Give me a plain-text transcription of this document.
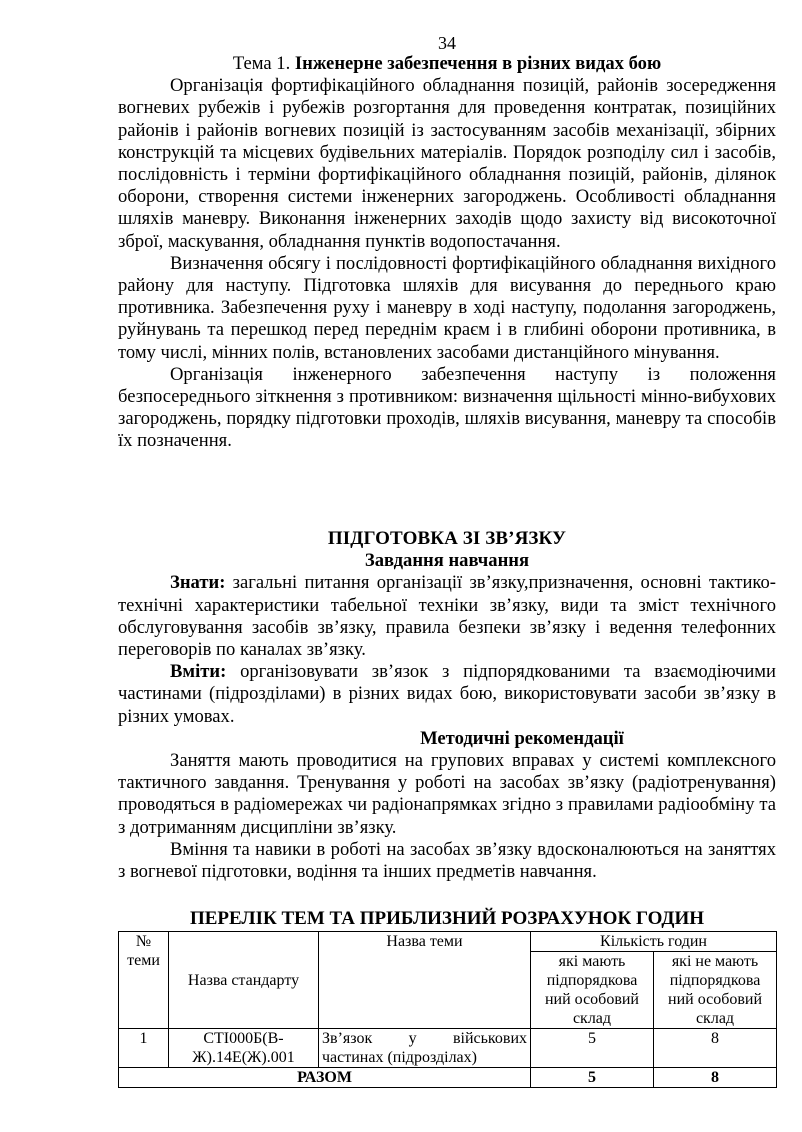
34

Тема 1. Інженерне забезпечення в різних видах бою

Організація фортифікаційного обладнання позицій, районів зосередження вогневих рубежів і рубежів розгортання для проведення контратак, позиційних районів і районів вогневих позицій із застосуванням засобів механізації, збірних конструкцій та місцевих будівельних матеріалів. Порядок розподілу сил і засобів, послідовність і терміни фортифікаційного обладнання позицій, районів, ділянок оборони, створення системи інженерних загороджень. Особливості обладнання шляхів маневру. Виконання інженерних заходів щодо захисту від високоточної зброї, маскування, обладнання пунктів водопостачання.

Визначення обсягу і послідовності фортифікаційного обладнання вихідного району для наступу. Підготовка шляхів для висування до переднього краю противника. Забезпечення руху і маневру в ході наступу, подолання загороджень, руйнувань та перешкод перед переднім краєм і в глибині оборони противника, в тому числі, мінних полів, встановлених засобами дистанційного мінування.

Організація інженерного забезпечення наступу із положення безпосереднього зіткнення з противником: визначення щільності мінно-вибухових загороджень, порядку підготовки проходів, шляхів висування, маневру та способів їх позначення.

ПІДГОТОВКА ЗІ ЗВ’ЯЗКУ

Завдання навчання

Знати: загальні питання організації зв’язку,призначення, основні тактико-технічні характеристики табельної техніки зв’язку, види та зміст технічного обслуговування засобів зв’язку, правила безпеки зв’язку і ведення телефонних переговорів по каналах зв’язку.

Вміти: організовувати зв’язок з підпорядкованими та взаємодіючими частинами (підрозділами) в різних видах бою, використовувати засоби зв’язку в різних умовах.

Методичні рекомендації

Заняття мають проводитися на групових вправах у системі комплексного тактичного завдання. Тренування у роботі на засобах зв’язку (радіотренування) проводяться в радіомережах чи радіонапрямках згідно з правилами радіообміну та з дотриманням дисципліни зв’язку.

Вміння та навики в роботі на засобах зв’язку вдосконалюються на заняттях з вогневої підготовки, водіння та інших предметів навчання.

ПЕРЕЛІК ТЕМ ТА ПРИБЛИЗНИЙ РОЗРАХУНОК ГОДИН

№ теми	Назва стандарту	Назва теми	Кількість годин	
			які мають підпорядкова ний особовий склад	які не мають підпорядкова ний особовий склад
1	СТІ000Б(В-Ж).14Е(Ж).001	Зв’язок у військових частинах (підрозділах)	5	8
РАЗОМ			5	8
